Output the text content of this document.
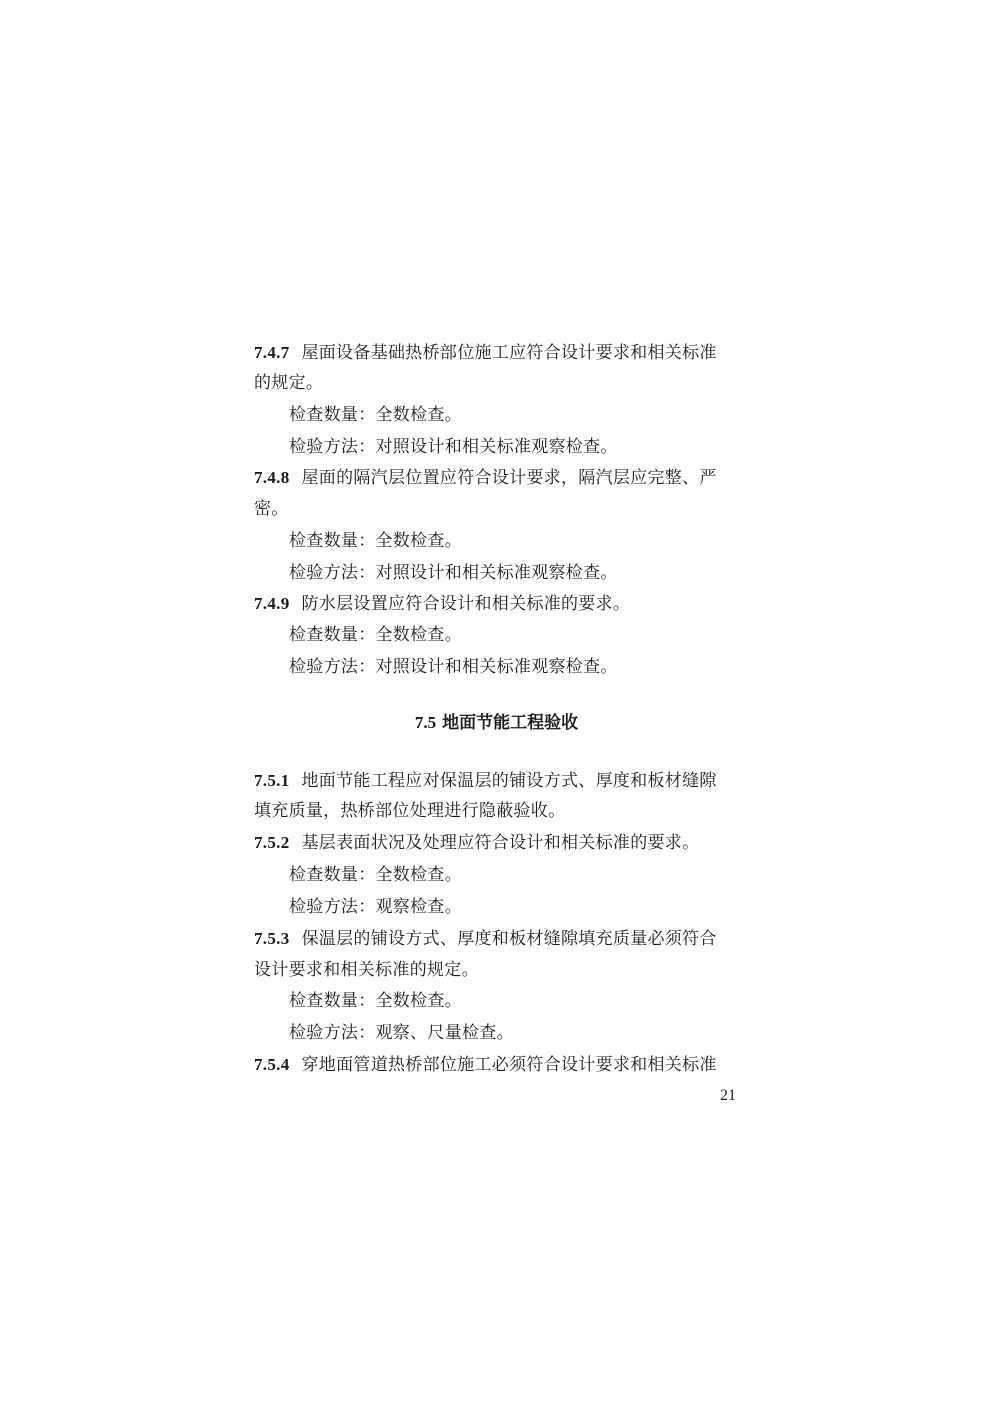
7.4.7 屋面设备基础热桥部位施工应符合设计要求和相关标准
的规定。
检查数量：全数检查。
检验方法：对照设计和相关标准观察检查。
7.4.8 屋面的隔汽层位置应符合设计要求，隔汽层应完整、严
密。
检查数量：全数检查。
检验方法：对照设计和相关标准观察检查。
7.4.9 防水层设置应符合设计和相关标准的要求。
检查数量：全数检查。
检验方法：对照设计和相关标准观察检查。
7.5 地面节能工程验收
7.5.1 地面节能工程应对保温层的铺设方式、厚度和板材缝隙
填充质量，热桥部位处理进行隐蔽验收。
7.5.2 基层表面状况及处理应符合设计和相关标准的要求。
检查数量：全数检查。
检验方法：观察检查。
7.5.3 保温层的铺设方式、厚度和板材缝隙填充质量必须符合
设计要求和相关标准的规定。
检查数量：全数检查。
检验方法：观察、尺量检查。
7.5.4 穿地面管道热桥部位施工必须符合设计要求和相关标准
21
